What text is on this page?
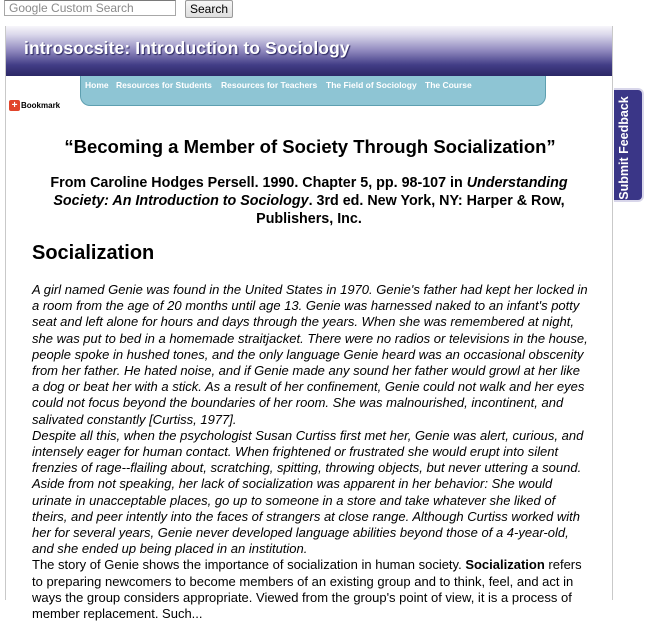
Google Custom Search
Search
introsocsite: Introduction to Sociology
Home Resources for Students Resources for Teachers The Field of Sociology The Course
+ Bookmark	Submit Feedback
“Becoming a Member of Society Through Socialization”

From Caroline Hodges Persell. 1990. Chapter 5, pp. 98-107 in Understanding Society: An Introduction to Sociology. 3rd ed. New York, NY: Harper & Row, Publishers, Inc.

Socialization

A girl named Genie was found in the United States in 1970. Genie's father had kept her locked in a room from the age of 20 months until age 13. Genie was harnessed naked to an infant's potty seat and left alone for hours and days through the years. When she was remembered at night, she was put to bed in a homemade straitjacket. There were no radios or televisions in the house, people spoke in hushed tones, and the only language Genie heard was an occasional obscenity from her father. He hated noise, and if Genie made any sound her father would growl at her like a dog or beat her with a stick. As a result of her confinement, Genie could not walk and her eyes could not focus beyond the boundaries of her room. She was malnourished, incontinent, and salivated constantly [Curtiss, 1977].

Despite all this, when the psychologist Susan Curtiss first met her, Genie was alert, curious, and intensely eager for human contact. When frightened or frustrated she would erupt into silent frenzies of rage--flailing about, scratching, spitting, throwing objects, but never uttering a sound. Aside from not speaking, her lack of socialization was apparent in her behavior: She would urinate in unacceptable places, go up to someone in a store and take whatever she liked of theirs, and peer intently into the faces of strangers at close range. Although Curtiss worked with her for several years, Genie never developed language abilities beyond those of a 4-year-old, and she ended up being placed in an institution.

The story of Genie shows the importance of socialization in human society. Socialization refers to preparing newcomers to become members of an existing group and to think, feel, and act in ways the group considers appropriate. Viewed from the group's point of view, it is a process of member replacement. Such...
